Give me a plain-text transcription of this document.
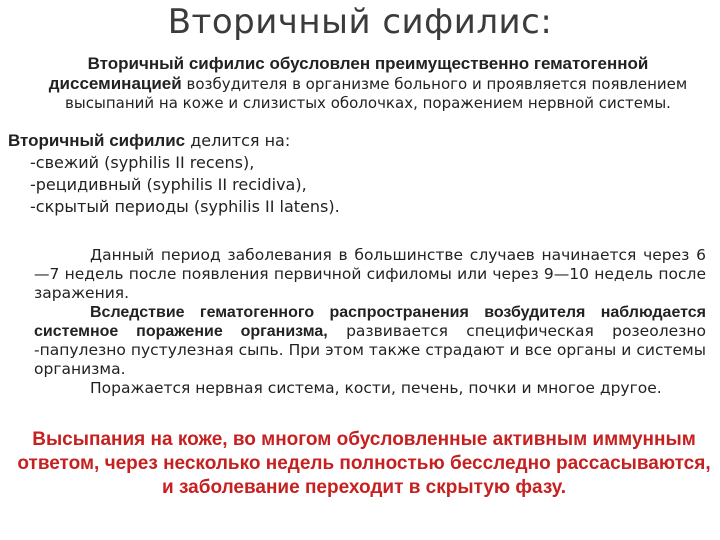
Вторичный сифилис:
Вторичный сифилис обусловлен преимущественно гематогенной диссеминацией возбудителя в организме больного и проявляется появлением высыпаний на коже и слизистых оболочках, поражением нервной системы.
Вторичный сифилис делится на:
-свежий (syphilis II recens),
-рецидивный (syphilis II recidiva),
-скрытый периоды (syphilis II latens).
Данный период заболевания в большинстве случаев начинается через 6—7 недель после появления первичной сифиломы или через 9—10 недель после заражения.
Вследствие гематогенного распространения возбудителя наблюдается системное поражение организма, развивается специфическая розеолезно -папулезно пустулезная сыпь. При этом также страдают и все органы и системы организма.
Поражается нервная система, кости, печень, почки и многое другое.
Высыпания на коже, во многом обусловленные активным иммунным ответом, через несколько недель полностью бесследно рассасываются, и заболевание переходит в скрытую фазу.
